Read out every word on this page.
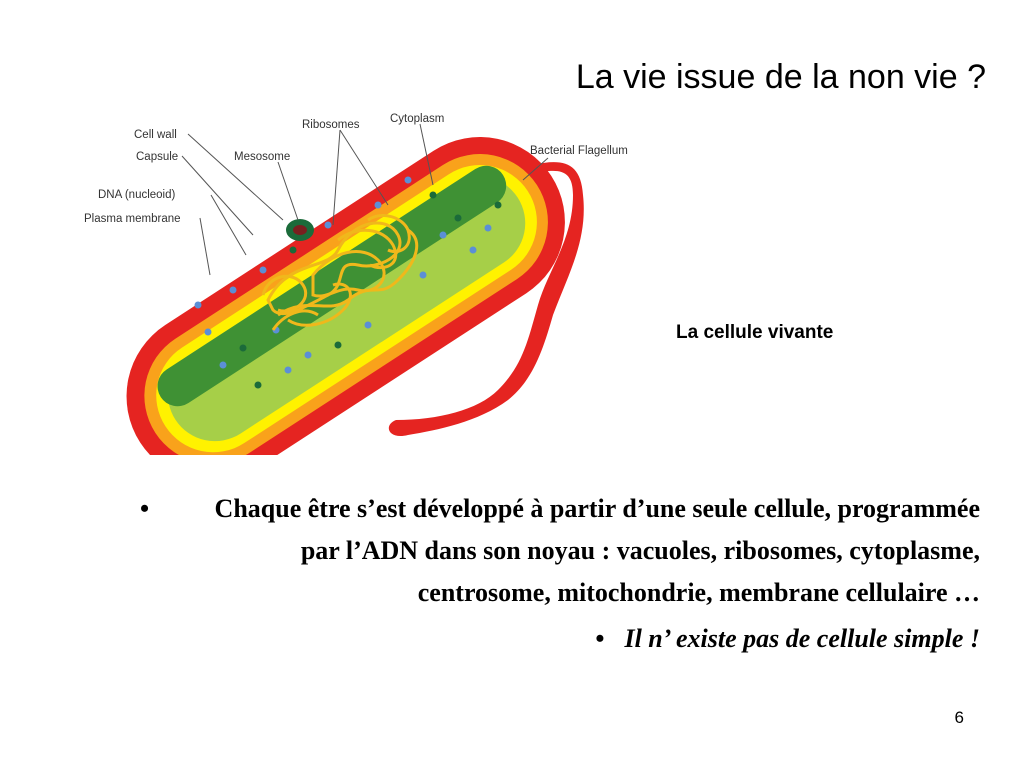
La vie issue de la non vie ?
Cell wall
Capsule
DNA (nucleoid)
Plasma membrane
Mesosome
Ribosomes	Cytoplasm
Bacterial Flagellum
La cellule vivante
•	Chaque être s’est développé à partir d’une seule cellule, programmée par l’ADN dans son noyau : vacuoles, ribosomes, cytoplasme, centrosome, mitochondrie, membrane cellulaire …
• Il n’ existe pas de cellule simple !
6
